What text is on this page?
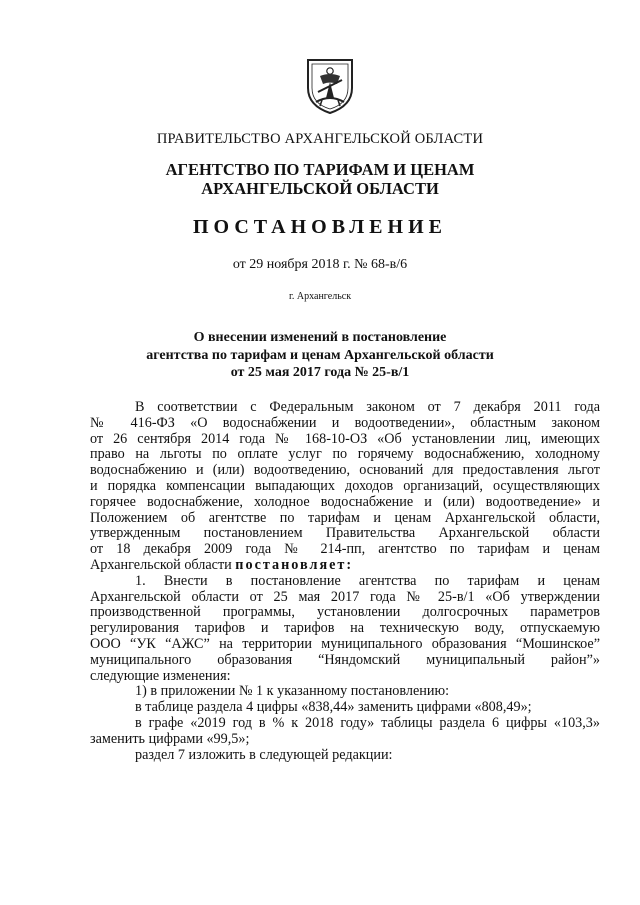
ПРАВИТЕЛЬСТВО АРХАНГЕЛЬСКОЙ ОБЛАСТИ
АГЕНТСТВО ПО ТАРИФАМ И ЦЕНАМ
АРХАНГЕЛЬСКОЙ ОБЛАСТИ
ПОСТАНОВЛЕНИЕ
от 29 ноября 2018 г. № 68-в/6
г. Архангельск
О внесении изменений в постановление
агентства по тарифам и ценам Архангельской области
от 25 мая 2017 года № 25-в/1
В соответствии с Федеральным законом от 7 декабря 2011 года
№ 416-ФЗ «О водоснабжении и водоотведении», областным законом
от 26 сентября 2014 года № 168-10-ОЗ «Об установлении лиц, имеющих
право на льготы по оплате услуг по горячему водоснабжению, холодному
водоснабжению и (или) водоотведению, оснований для предоставления льгот
и порядка компенсации выпадающих доходов организаций, осуществляющих
горячее водоснабжение, холодное водоснабжение и (или) водоотведение» и
Положением об агентстве по тарифам и ценам Архангельской области,
утвержденным постановлением Правительства Архангельской области
от 18 декабря 2009 года № 214-пп, агентство по тарифам и ценам
Архангельской области постановляет:
1. Внести в постановление агентства по тарифам и ценам
Архангельской области от 25 мая 2017 года № 25-в/1 «Об утверждении
производственной программы, установлении долгосрочных параметров
регулирования тарифов и тарифов на техническую воду, отпускаемую
ООО “УК “АЖС” на территории муниципального образования “Мошинское”
муниципального образования “Няндомский муниципальный район”»
следующие изменения:
1) в приложении № 1 к указанному постановлению:
в таблице раздела 4 цифры «838,44» заменить цифрами «808,49»;
в графе «2019 год в % к 2018 году» таблицы раздела 6 цифры «103,3»
заменить цифрами «99,5»;
раздел 7 изложить в следующей редакции:
